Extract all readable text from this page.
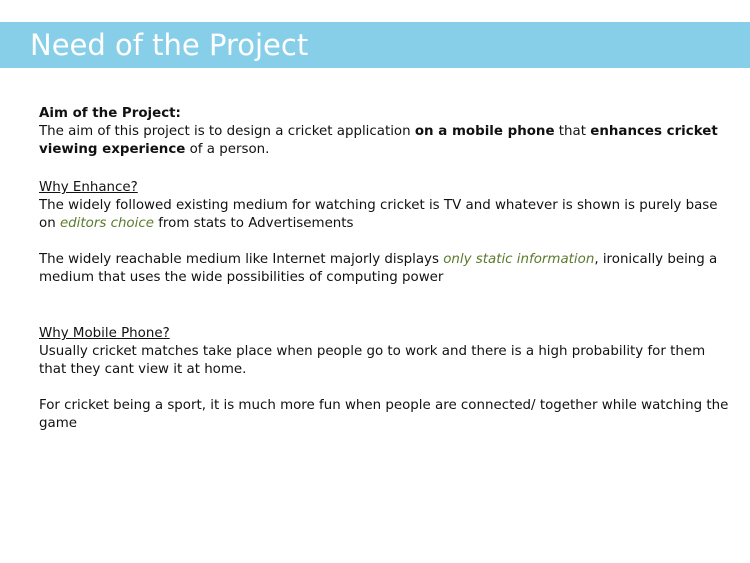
Need of the Project

Aim of the Project:

The aim of this project is to design a cricket application on a mobile phone that enhances cricket viewing experience of a person.

Why Enhance?

The widely followed existing medium for watching cricket is TV and whatever is shown is purely base on editors choice from stats to Advertisements

The widely reachable medium like Internet majorly displays only static information, ironically being a medium that uses the wide possibilities of computing power

Why Mobile Phone?

Usually cricket matches take place when people go to work and there is a high probability for them that they cant view it at home.

For cricket being a sport, it is much more fun when people are connected/ together while watching the game
